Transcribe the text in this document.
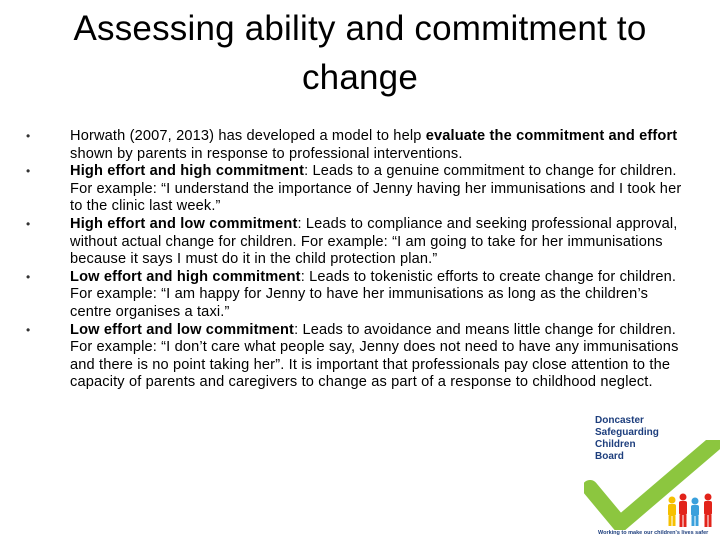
Assessing ability and commitment to
change
•	Horwath (2007, 2013) has developed a model to help evaluate the commitment and effort shown by parents in response to professional interventions.
•	High effort and high commitment: Leads to a genuine commitment to change for children. For example: “I understand the importance of Jenny having her immunisations and I took her to the clinic last week.”
•	High effort and low commitment: Leads to compliance and seeking professional approval, without actual change for children. For example: “I am going to take for her immunisations because it says I must do it in the child protection plan.”
•	Low effort and high commitment: Leads to tokenistic efforts to create change for children. For example: “I am happy for Jenny to have her immunisations as long as the children’s centre organises a taxi.”
•	Low effort and low commitment: Leads to avoidance and means little change for children. For example: “I don’t care what people say, Jenny does not need to have any immunisations and there is no point taking her”. It is important that professionals pay close attention to the capacity of parents and caregivers to change as part of a response to childhood neglect.
Doncaster
Safeguarding
Children
Board
Working to make our children's lives safer
